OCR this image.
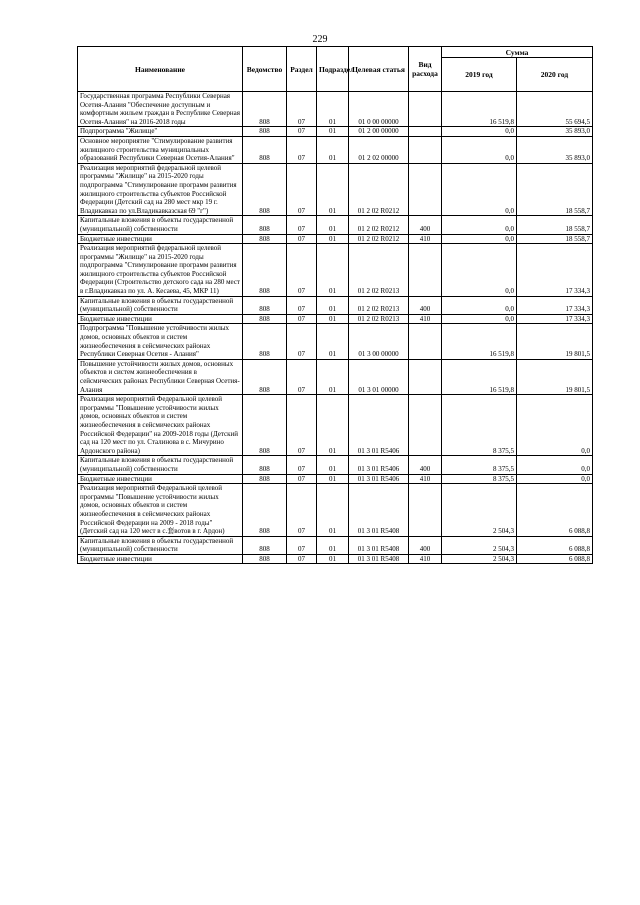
229
Наименование	Ведомство	Раздел	Подраздел	Целевая статья	Вид расхода	Сумма	
						2019 год	2020 год
Государственная программа Республики Северная Осетия-Алания "Обеспечение доступным и комфортным жильем граждан в Республике Северная Осетия-Алания" на 2016-2018 годы	808	07	01	01 0 00 00000		16 519,8	55 694,5
Подпрограмма "Жилище"	808	07	01	01 2 00 00000		0,0	35 893,0
Основное мероприятие "Стимулирование развития жилищного строительства муниципальных образований Республики Северная Осетия-Алания"	808	07	01	01 2 02 00000		0,0	35 893,0
Реализация мероприятий федеральной целевой программы "Жилище" на 2015-2020 годы подпрограмма "Стимулирование программ развития жилищного строительства субъектов Российской Федерации (Детский сад на 280 мест мкр 19 г. Владикавказ по ул.Владикавказская 69 "г")	808	07	01	01 2 02 R0212		0,0	18 558,7
Капитальные вложения в объекты государственной (муниципальной) собственности	808	07	01	01 2 02 R0212	400	0,0	18 558,7
Бюджетные инвестиции	808	07	01	01 2 02 R0212	410	0,0	18 558,7
Реализация мероприятий федеральной целевой программы "Жилище" на 2015-2020 годы подпрограмма "Стимулирование программ развития жилищного строительства субъектов Российской Федерации (Строительство детского сада на 280 мест в г.Владикавказ по ул. А. Кесаева, 45, МКР 11)	808	07	01	01 2 02 R0213		0,0	17 334,3
Капитальные вложения в объекты государственной (муниципальной) собственности	808	07	01	01 2 02 R0213	400	0,0	17 334,3
Бюджетные инвестиции	808	07	01	01 2 02 R0213	410	0,0	17 334,3
Подпрограмма "Повышение устойчивости жилых домов, основных объектов и систем жизнеобеспечения в сейсмических районах Республики Северная Осетия - Алания"	808	07	01	01 3 00 00000		16 519,8	19 801,5
Повышение устойчивости жилых домов, основных объектов и систем жизнеобеспечения в сейсмических районах Республики Северная Осетия-Алания	808	07	01	01 3 01 00000		16 519,8	19 801,5
Реализация мероприятий Федеральной целевой программы "Повышение устойчивости жилых домов, основных объектов и систем жизнеобеспечения в сейсмических районах Российской Федерации" на 2009-2018 годы (Детский сад на 120 мест по ул. Сталинова в с. Мичурино Ардонского района)	808	07	01	01 3 01 R5406		8 375,5	0,0
Капитальные вложения в объекты государственной (муниципальной) собственности	808	07	01	01 3 01 R5406	400	8 375,5	0,0
Бюджетные инвестиции	808	07	01	01 3 01 R5406	410	8 375,5	0,0
Реализация мероприятий Федеральной целевой программы "Повышение устойчивости жилых домов, основных объектов и систем жизнеобеспечения в сейсмических районах Российской Федерации на 2009 - 2018 годы" (Детский сад на 120 мест в с.套вотов в г. Ардон)	808	07	01	01 3 01 R5408		2 504,3	6 088,8
Капитальные вложения в объекты государственной (муниципальной) собственности	808	07	01	01 3 01 R5408	400	2 504,3	6 088,8
Бюджетные инвестиции	808	07	01	01 3 01 R5408	410	2 504,3	6 088,8
